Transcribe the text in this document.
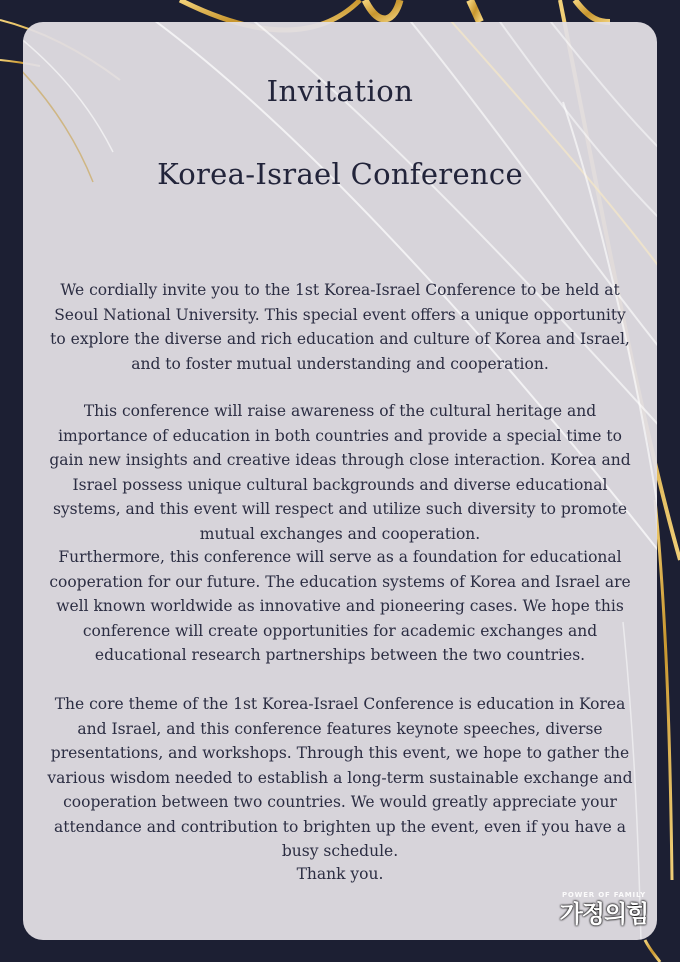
Invitation
Korea-Israel Conference

We cordially invite you to the 1st Korea-Israel Conference to be held at Seoul National University. This special event offers a unique opportunity to explore the diverse and rich education and culture of Korea and Israel, and to foster mutual understanding and cooperation.

This conference will raise awareness of the cultural heritage and importance of education in both countries and provide a special time to gain new insights and creative ideas through close interaction. Korea and Israel possess unique cultural backgrounds and diverse educational systems, and this event will respect and utilize such diversity to promote mutual exchanges and cooperation.

Furthermore, this conference will serve as a foundation for educational cooperation for our future. The education systems of Korea and Israel are well known worldwide as innovative and pioneering cases. We hope this conference will create opportunities for academic exchanges and educational research partnerships between the two countries.

The core theme of the 1st Korea-Israel Conference is education in Korea and Israel, and this conference features keynote speeches, diverse presentations, and workshops. Through this event, we hope to gather the various wisdom needed to establish a long-term sustainable exchange and cooperation between two countries. We would greatly appreciate your attendance and contribution to brighten up the event, even if you have a busy schedule.

Thank you.

POWER OF FAMILY
가정의힘
